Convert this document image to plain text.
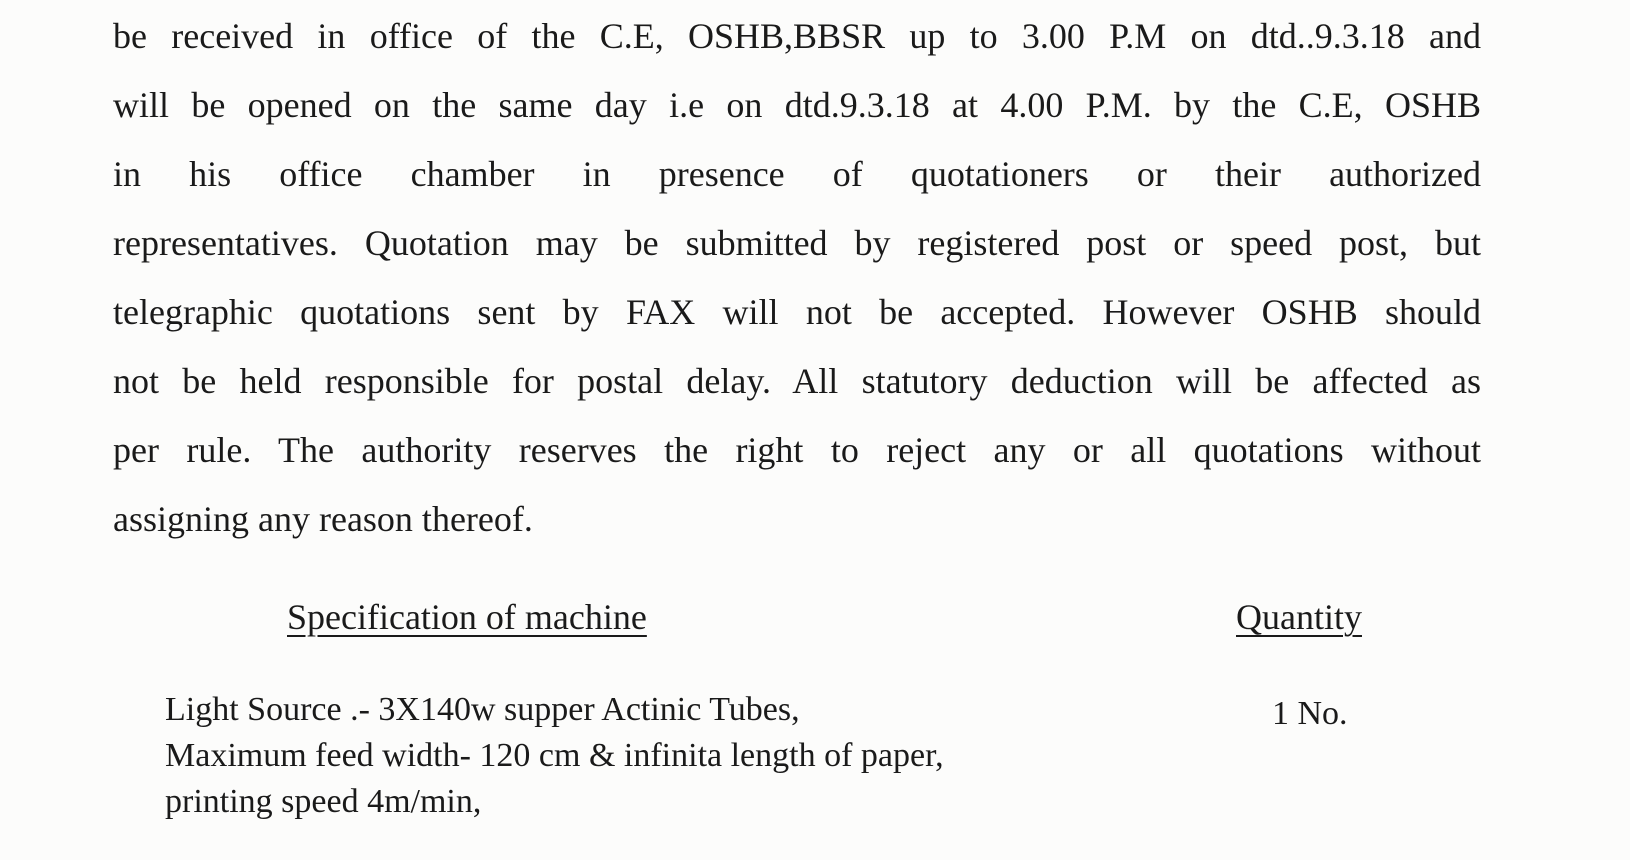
be received in office of the C.E, OSHB,BBSR up to 3.00 P.M on dtd..9.3.18 and
will be opened on the same day i.e on dtd.9.3.18 at 4.00 P.M. by the C.E, OSHB
in his office chamber in presence of quotationers or their authorized
representatives. Quotation may be submitted by registered post or speed post, but
telegraphic quotations sent by FAX will not be accepted. However OSHB should
not be held responsible for postal delay. All statutory deduction will be affected as
per rule. The authority reserves the right to reject any or all quotations without
assigning any reason thereof.
Specification of machine	Quantity
Light Source .- 3X140w supper Actinic Tubes,
Maximum feed width- 120 cm & infinita length of paper,
printing speed 4m/min,
1 No.
